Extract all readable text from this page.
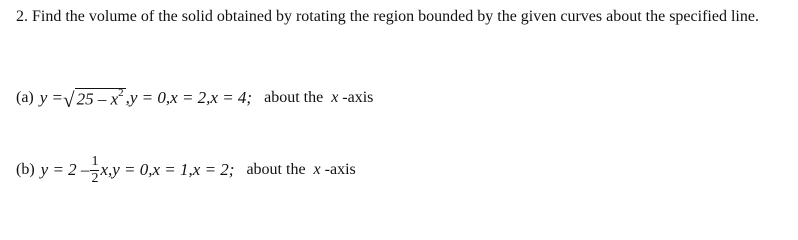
2. Find the volume of the solid obtained by rotating the region bounded by the given curves about the specified line.
(a) y = √ $25 - x^2$ ,y = 0,x = 2,x = 4; about the x -axis
(b) $y = 2 - \frac{1}{2} x,y = 0,x = 1,x = 2$; about the x -axis
